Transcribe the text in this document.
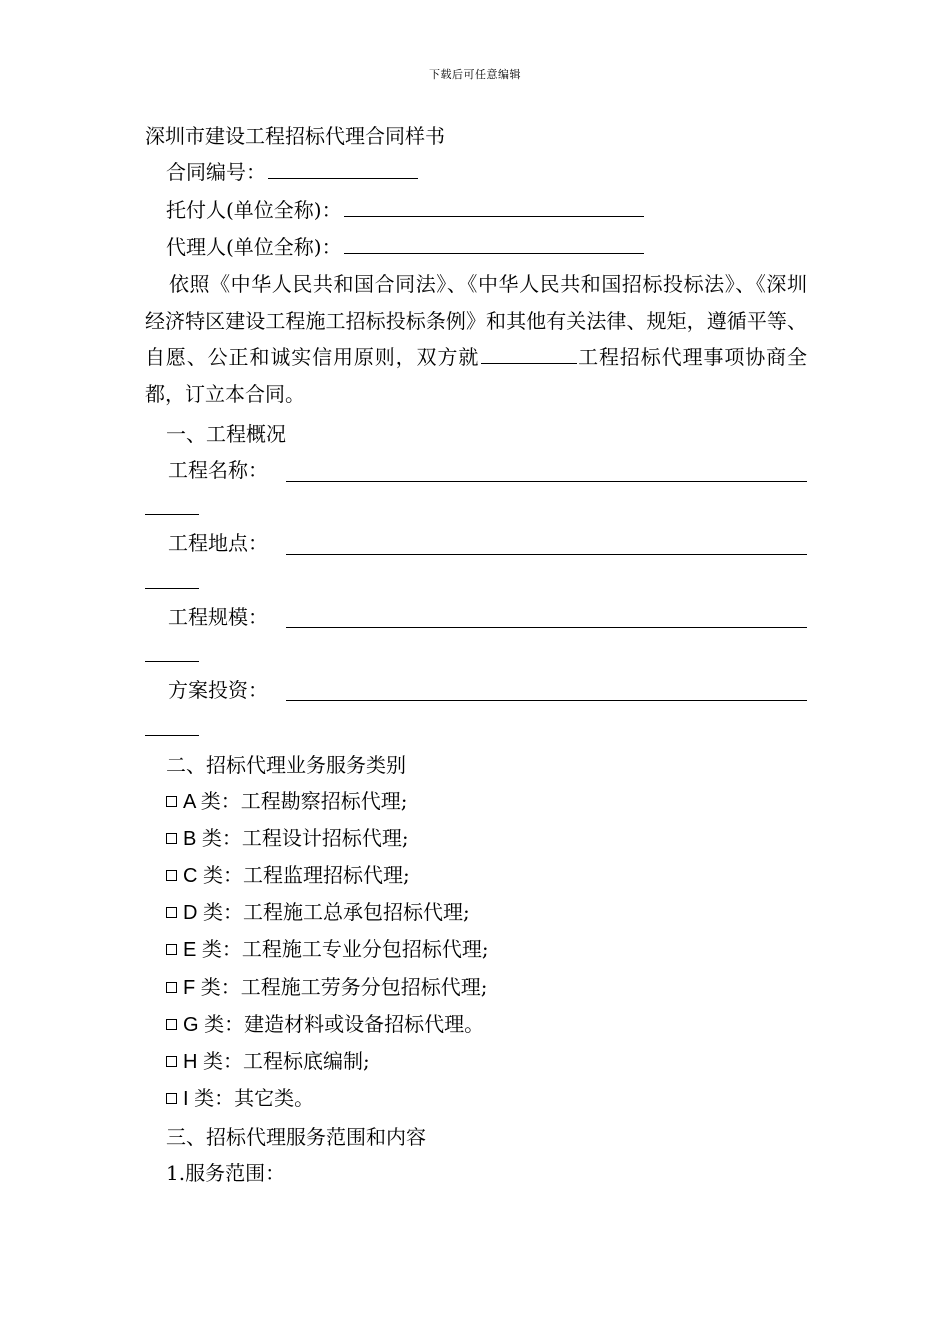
下载后可任意编辑
深圳市建设工程招标代理合同样书
合同编号：
托付人(单位全称)：
代理人(单位全称)：
依照《中华人民共和国合同法》、《中华人民共和国招标投标法》、《深圳经济特区建设工程施工招标投标条例》和其他有关法律、规矩，遵循平等、自愿、公正和诚实信用原则，双方就	工程招标代理事项协商全都，订立本合同。
一、工程概况
工程名称：
工程地点：
工程规模：
方案投资：
二、招标代理业务服务类别
A 类：工程勘察招标代理;
B 类：工程设计招标代理;
C 类：工程监理招标代理;
D 类：工程施工总承包招标代理;
E 类：工程施工专业分包招标代理;
F 类：工程施工劳务分包招标代理;
G 类：建造材料或设备招标代理。
H 类：工程标底编制;
I 类：其它类。
三、招标代理服务范围和内容
1.服务范围：
